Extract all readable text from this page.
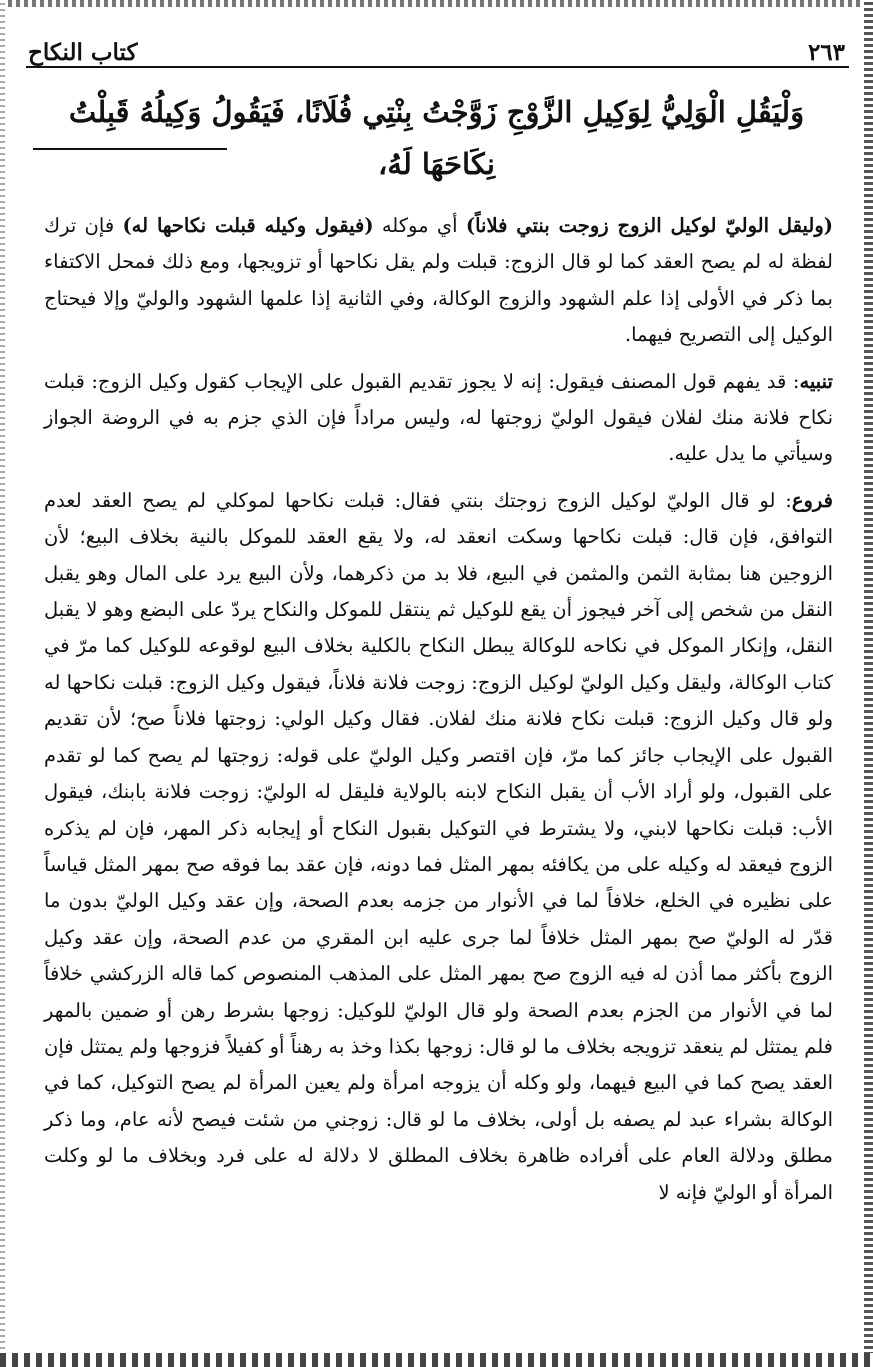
كتاب النكاح	٢٦٣
وَلْيَقُلِ الْوَلِيُّ لِوَكِيلِ الزَّوْجِ زَوَّجْتُ بِنْتِي فُلَانًا، فَيَقُولُ وَكِيلُهُ قَبِلْتُ نِكَاحَهَا لَهُ،

(وليقل الوليّ لوكيل الزوج زوجت بنتي فلاناً) أي موكله (فيقول وكيله قبلت نكاحها له) فإن ترك لفظة له لم يصح العقد كما لو قال الزوج: قبلت ولم يقل نكاحها أو تزويجها، ومع ذلك فمحل الاكتفاء بما ذكر في الأولى إذا علم الشهود والزوج الوكالة، وفي الثانية إذا علمها الشهود والوليّ وإلا فيحتاج الوكيل إلى التصريح فيهما.

تنبيه: قد يفهم قول المصنف فيقول: إنه لا يجوز تقديم القبول على الإيجاب كقول وكيل الزوج: قبلت نكاح فلانة منك لفلان فيقول الوليّ زوجتها له، وليس مراداً فإن الذي جزم به في الروضة الجواز وسيأتي ما يدل عليه.

فروع: لو قال الوليّ لوكيل الزوج زوجتك بنتي فقال: قبلت نكاحها لموكلي لم يصح العقد لعدم التوافق، فإن قال: قبلت نكاحها وسكت انعقد له، ولا يقع العقد للموكل بالنية بخلاف البيع؛ لأن الزوجين هنا بمثابة الثمن والمثمن في البيع، فلا بد من ذكرهما، ولأن البيع يرد على المال وهو يقبل النقل من شخص إلى آخر فيجوز أن يقع للوكيل ثم ينتقل للموكل والنكاح يردّ على البضع وهو لا يقبل النقل، وإنكار الموكل في نكاحه للوكالة يبطل النكاح بالكلية بخلاف البيع لوقوعه للوكيل كما مرّ في كتاب الوكالة، وليقل وكيل الوليّ لوكيل الزوج: زوجت فلانة فلاناً، فيقول وكيل الزوج: قبلت نكاحها له ولو قال وكيل الزوج: قبلت نكاح فلانة منك لفلان. فقال وكيل الولي: زوجتها فلاناً صح؛ لأن تقديم القبول على الإيجاب جائز كما مرّ، فإن اقتصر وكيل الوليّ على قوله: زوجتها لم يصح كما لو تقدم على القبول، ولو أراد الأب أن يقبل النكاح لابنه بالولاية فليقل له الوليّ: زوجت فلانة بابنك، فيقول الأب: قبلت نكاحها لابني، ولا يشترط في التوكيل بقبول النكاح أو إيجابه ذكر المهر، فإن لم يذكره الزوج فيعقد له وكيله على من يكافئه بمهر المثل فما دونه، فإن عقد بما فوقه صح بمهر المثل قياساً على نظيره في الخلع، خلافاً لما في الأنوار من جزمه بعدم الصحة، وإن عقد وكيل الوليّ بدون ما قدّر له الوليّ صح بمهر المثل خلافاً لما جرى عليه ابن المقري من عدم الصحة، وإن عقد وكيل الزوج بأكثر مما أذن له فيه الزوج صح بمهر المثل على المذهب المنصوص كما قاله الزركشي خلافاً لما في الأنوار من الجزم بعدم الصحة ولو قال الوليّ للوكيل: زوجها بشرط رهن أو ضمين بالمهر فلم يمتثل لم ينعقد تزويجه بخلاف ما لو قال: زوجها بكذا وخذ به رهناً أو كفيلاً فزوجها ولم يمتثل فإن العقد يصح كما في البيع فيهما، ولو وكله أن يزوجه امرأة ولم يعين المرأة لم يصح التوكيل، كما في الوكالة بشراء عبد لم يصفه بل أولى، بخلاف ما لو قال: زوجني من شئت فيصح لأنه عام، وما ذكر مطلق ودلالة العام على أفراده ظاهرة بخلاف المطلق لا دلالة له على فرد وبخلاف ما لو وكلت المرأة أو الوليّ فإنه لا
